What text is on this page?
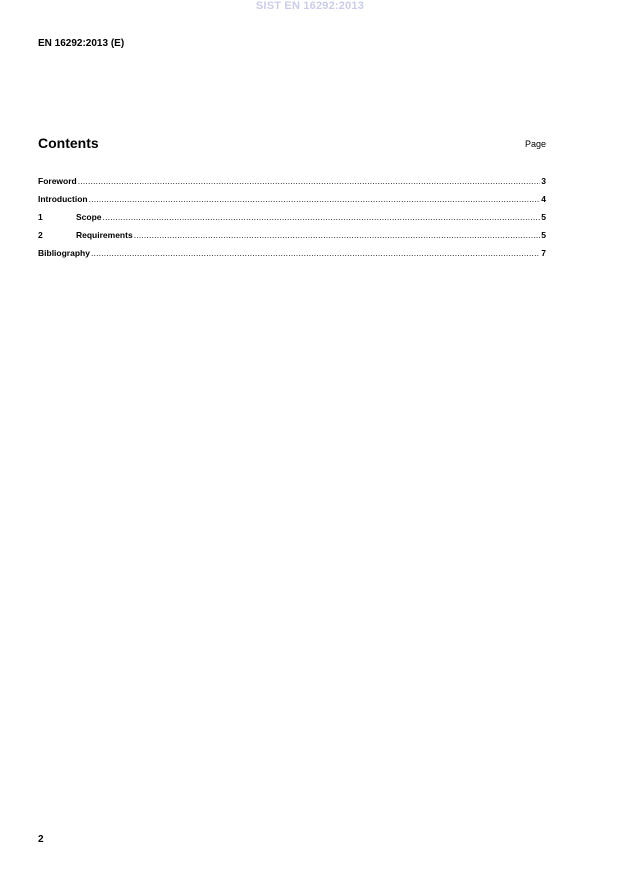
SIST EN 16292:2013
EN 16292:2013 (E)
Contents	Page
Foreword .....	3
Introduction .....	4
1	Scope .....	5
2	Requirements .....	5
Bibliography .....	7
2
